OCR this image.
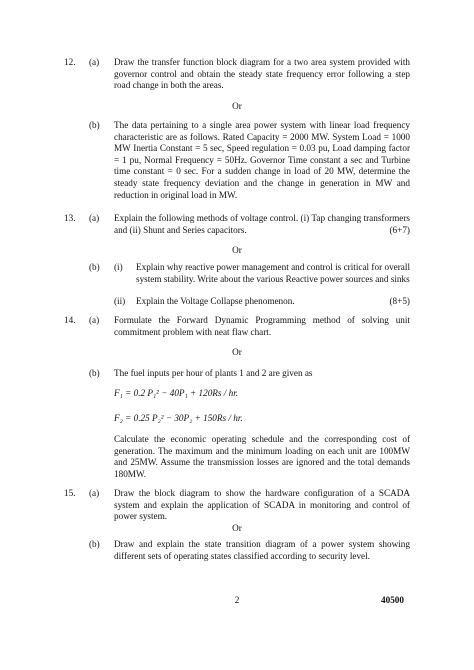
12. (a) Draw the transfer function block diagram for a two area system provided with governor control and obtain the steady state frequency error following a step road change in both the areas.
Or
(b) The data pertaining to a single area power system with linear load frequency characteristic are as follows. Rated Capacity = 2000 MW. System Load = 1000 MW Inertia Constant = 5 sec, Speed regulation = 0.03 pu, Load damping factor = 1 pu, Normal Frequency = 50Hz. Governor Time constant a sec and Turbine time constant = 0 sec. For a sudden change in load of 20 MW, determine the steady state frequency deviation and the change in generation in MW and reduction in original load in MW.
13. (a) Explain the following methods of voltage control. (i) Tap changing transformers and (ii) Shunt and Series capacitors.	(6+7)
Or
(b) (i) Explain why reactive power management and control is critical for overall system stability. Write about the various Reactive power sources and sinks
(ii) Explain the Voltage Collapse phenomenon.	(8+5)
14. (a) Formulate the Forward Dynamic Programming method of solving unit commitment problem with neat flaw chart.
Or
(b) The fuel inputs per hour of plants 1 and 2 are given as
F₁ = 0.2 P₁² − 40P₁ + 120Rs / hr.
F₂ = 0.25 P₂² − 30P₂ + 150Rs / hr.
Calculate the economic operating schedule and the corresponding cost of generation. The maximum and the minimum loading on each unit are 100MW and 25MW. Assume the transmission losses are ignored and the total demands 180MW.
15. (a) Draw the block diagram to show the hardware configuration of a SCADA system and explain the application of SCADA in monitoring and control of power system.
Or
(b) Draw and explain the state transition diagram of a power system showing different sets of operating states classified according to security level.
2	40500
